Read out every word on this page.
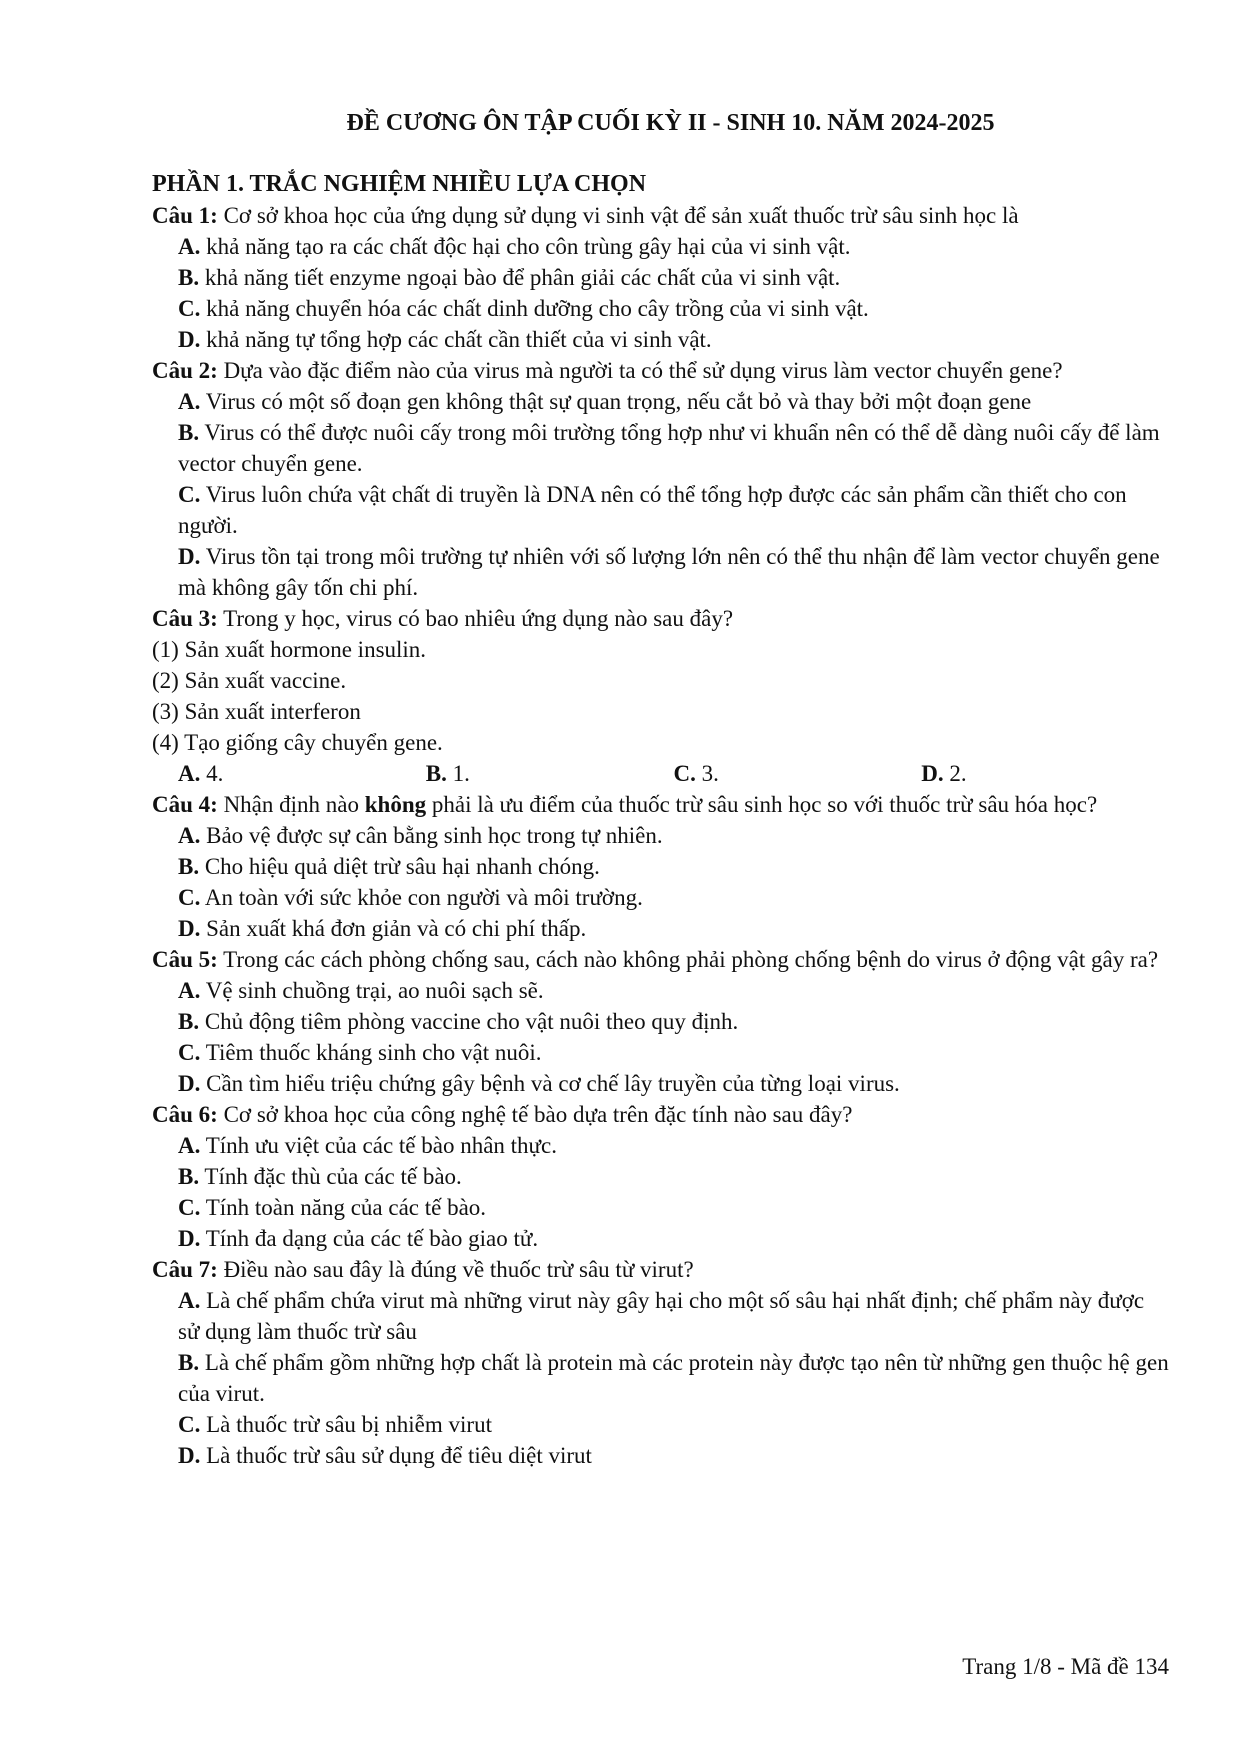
ĐỀ CƯƠNG ÔN TẬP CUỐI KỲ II - SINH 10. NĂM 2024-2025

PHẦN 1. TRẮC NGHIỆM NHIỀU LỰA CHỌN

Câu 1: Cơ sở khoa học của ứng dụng sử dụng vi sinh vật để sản xuất thuốc trừ sâu sinh học là

A. khả năng tạo ra các chất độc hại cho côn trùng gây hại của vi sinh vật.

B. khả năng tiết enzyme ngoại bào để phân giải các chất của vi sinh vật.

C. khả năng chuyển hóa các chất dinh dưỡng cho cây trồng của vi sinh vật.

D. khả năng tự tổng hợp các chất cần thiết của vi sinh vật.

Câu 2: Dựa vào đặc điểm nào của virus mà người ta có thể sử dụng virus làm vector chuyển gene?

A. Virus có một số đoạn gen không thật sự quan trọng, nếu cắt bỏ và thay bởi một đoạn gene

B. Virus có thể được nuôi cấy trong môi trường tổng hợp như vi khuẩn nên có thể dễ dàng nuôi cấy để làm vector chuyển gene.

C. Virus luôn chứa vật chất di truyền là DNA nên có thể tổng hợp được các sản phẩm cần thiết cho con người.

D. Virus tồn tại trong môi trường tự nhiên với số lượng lớn nên có thể thu nhận để làm vector chuyển gene mà không gây tốn chi phí.

Câu 3: Trong y học, virus có bao nhiêu ứng dụng nào sau đây?

(1) Sản xuất hormone insulin.

(2) Sản xuất vaccine.

(3) Sản xuất interferon

(4) Tạo giống cây chuyển gene.

A. 4.	B. 1.	C. 3.	D. 2.

Câu 4: Nhận định nào không phải là ưu điểm của thuốc trừ sâu sinh học so với thuốc trừ sâu hóa học?

A. Bảo vệ được sự cân bằng sinh học trong tự nhiên.

B. Cho hiệu quả diệt trừ sâu hại nhanh chóng.

C. An toàn với sức khỏe con người và môi trường.

D. Sản xuất khá đơn giản và có chi phí thấp.

Câu 5: Trong các cách phòng chống sau, cách nào không phải phòng chống bệnh do virus ở động vật gây ra?

A. Vệ sinh chuồng trại, ao nuôi sạch sẽ.

B. Chủ động tiêm phòng vaccine cho vật nuôi theo quy định.

C. Tiêm thuốc kháng sinh cho vật nuôi.

D. Cần tìm hiểu triệu chứng gây bệnh và cơ chế lây truyền của từng loại virus.

Câu 6: Cơ sở khoa học của công nghệ tế bào dựa trên đặc tính nào sau đây?

A. Tính ưu việt của các tế bào nhân thực.

B. Tính đặc thù của các tế bào.

C. Tính toàn năng của các tế bào.

D. Tính đa dạng của các tế bào giao tử.

Câu 7: Điều nào sau đây là đúng về thuốc trừ sâu từ virut?

A. Là chế phẩm chứa virut mà những virut này gây hại cho một số sâu hại nhất định; chế phẩm này được sử dụng làm thuốc trừ sâu

B. Là chế phẩm gồm những hợp chất là protein mà các protein này được tạo nên từ những gen thuộc hệ gen của virut.

C. Là thuốc trừ sâu bị nhiễm virut

D. Là thuốc trừ sâu sử dụng để tiêu diệt virut

Trang 1/8 - Mã đề 134
